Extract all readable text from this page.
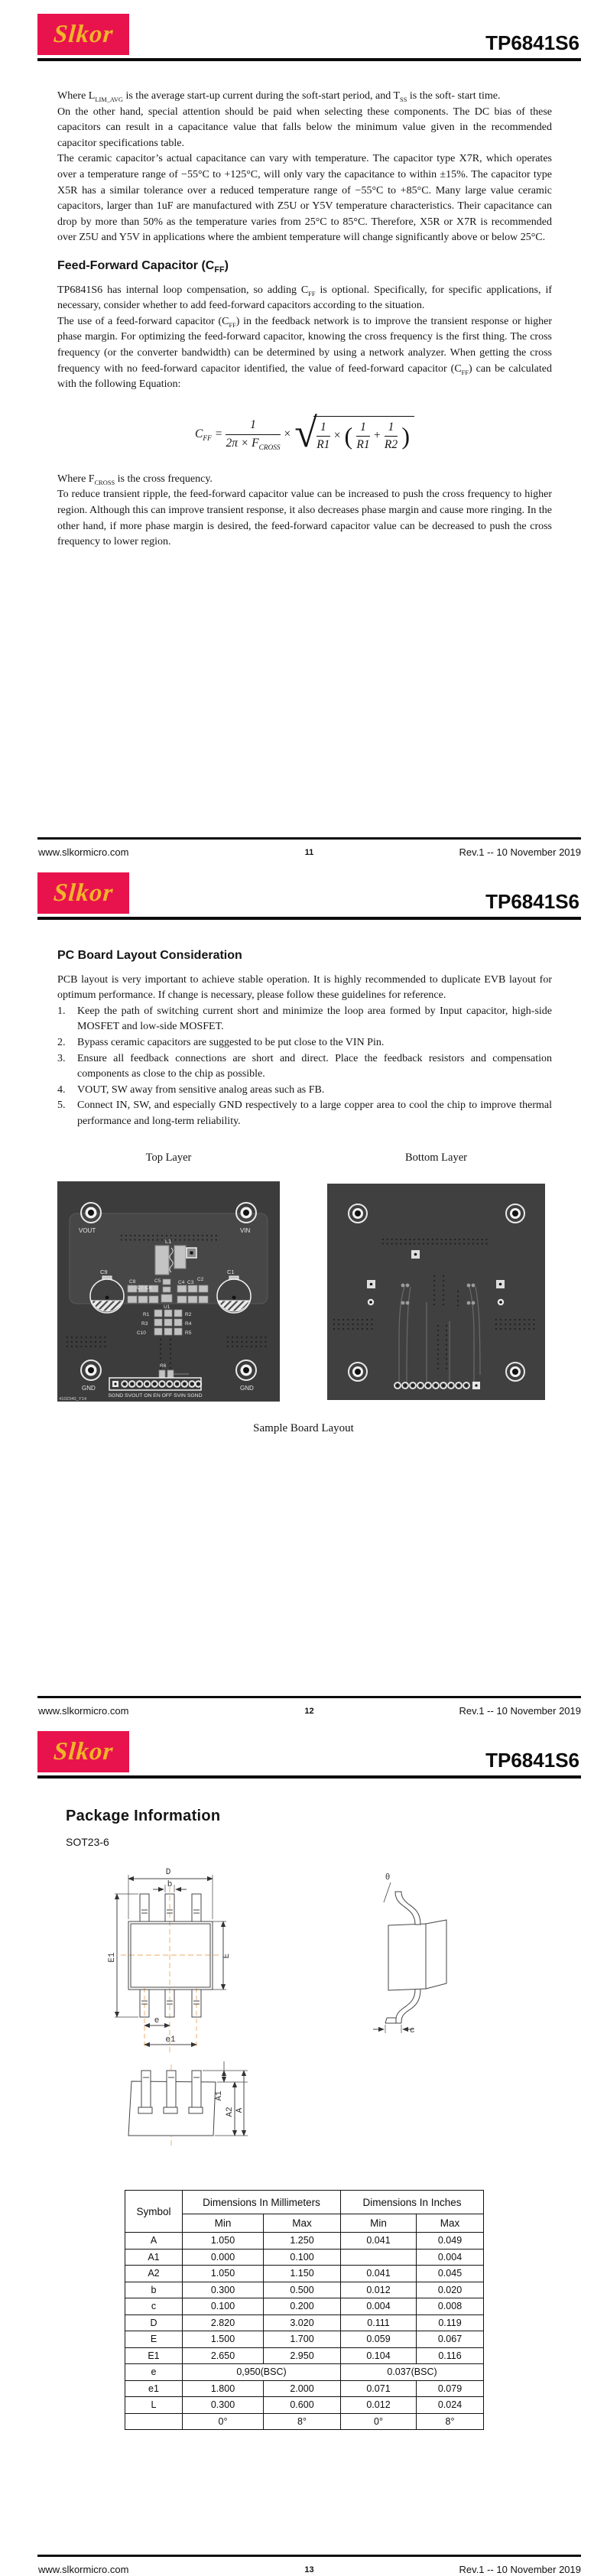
Slkor	TP6841S6

Where $L_{LIM\_AVG}$ is the average start-up current during the soft-start period, and $T_{SS}$ is the soft- start time.

On the other hand, special attention should be paid when selecting these components. The DC bias of these capacitors can result in a capacitance value that falls below the minimum value given in the recommended capacitor specifications table.

The ceramic capacitor’s actual capacitance can vary with temperature. The capacitor type X7R, which operates over a temperature range of −55°C to +125°C, will only vary the capacitance to within ±15%. The capacitor type X5R has a similar tolerance over a reduced temperature range of −55°C to +85°C. Many large value ceramic capacitors, larger than 1uF are manufactured with Z5U or Y5V temperature characteristics. Their capacitance can drop by more than 50% as the temperature varies from 25°C to 85°C. Therefore, X5R or X7R is recommended over Z5U and Y5V in applications where the ambient temperature will change significantly above or below 25°C.

Feed-Forward Capacitor $(C_{FF})$

TP6841S6 has internal loop compensation, so adding $C_{FF}$ is optional. Specifically, for specific applications, if necessary, consider whether to add feed-forward capacitors according to the situation.

The use of a feed-forward capacitor $(C_{FF})$ in the feedback network is to improve the transient response or higher phase margin. For optimizing the feed-forward capacitor, knowing the cross frequency is the first thing. The cross frequency (or the converter bandwidth) can be determined by using a network analyzer. When getting the cross frequency with no feed-forward capacitor identified, the value of feed-forward capacitor $(C_{FF})$ can be calculated with the following Equation:

$C_{FF} = \frac{1}{2\pi \times F_{CROSS}}$ × √ $\frac{1}{R1}$ × ( $\frac{1}{R1} + \frac{1}{R2}$ )

Where $F_{CROSS}$ is the cross frequency.

To reduce transient ripple, the feed-forward capacitor value can be increased to push the cross frequency to higher region. Although this can improve transient response, it also decreases phase margin and cause more ringing. In the other hand, if more phase margin is desired, the feed-forward capacitor value can be decreased to push the cross frequency to lower region.

www.slkormicro.com	11	Rev.1 -- 10 November 2019
Slkor	TP6841S6
PC Board Layout Consideration

PCB layout is very important to achieve stable operation. It is highly recommended to duplicate EVB layout for optimum performance. If change is necessary, please follow these guidelines for reference.

1.	Keep the path of switching current short and minimize the loop area formed by Input capacitor, high-side MOSFET and low-side MOSFET.
2.	Bypass ceramic capacitors are suggested to be put close to the VIN Pin.
3.	Ensure all feedback connections are short and direct. Place the feedback resistors and compensation components as close to the chip as possible.
4.	VOUT, SW away from sensitive analog areas such as FB.
5.	Connect IN, SW, and especially GND respectively to a large copper area to cool the chip to improve thermal performance and long-term reliability.
Top Layer	Bottom Layer
VOUT	VIN
GND	GND
L1
C9	C1
C8
C7 C6
C5	C4 C3
C2
U1
R1	R2
R3	R4
C10	R5
R6
SGND SVOUT ON EN OFF SVIN SGND
4102340_Y14
Sample Board Layout
www.slkormicro.com	12	Rev.1 -- 10 November 2019
Slkor	TP6841S6
Package Information
SOT23-6
D
b
E1	E
e
e1
θ
c
A1
A2 A
Symbol	Dimensions In Millimeters		Dimensions In Inches	
	Min	Max	Min	Max
A	1.050	1.250	0.041	0.049
A1	0.000	0.100		0.004
A2	1.050	1.150	0.041	0.045
b	0.300	0.500	0.012	0.020
c	0.100	0.200	0.004	0.008
D	2.820	3.020	0.111	0.119
E	1.500	1.700	0.059	0.067
E1	2.650	2.950	0.104	0.116
e	0,950(BSC)		0.037(BSC)	
e1	1.800	2.000	0.071	0.079
L	0.300	0.600	0.012	0.024
	0°	8°	0°	8°
www.slkormicro.com	13	Rev.1 -- 10 November 2019
